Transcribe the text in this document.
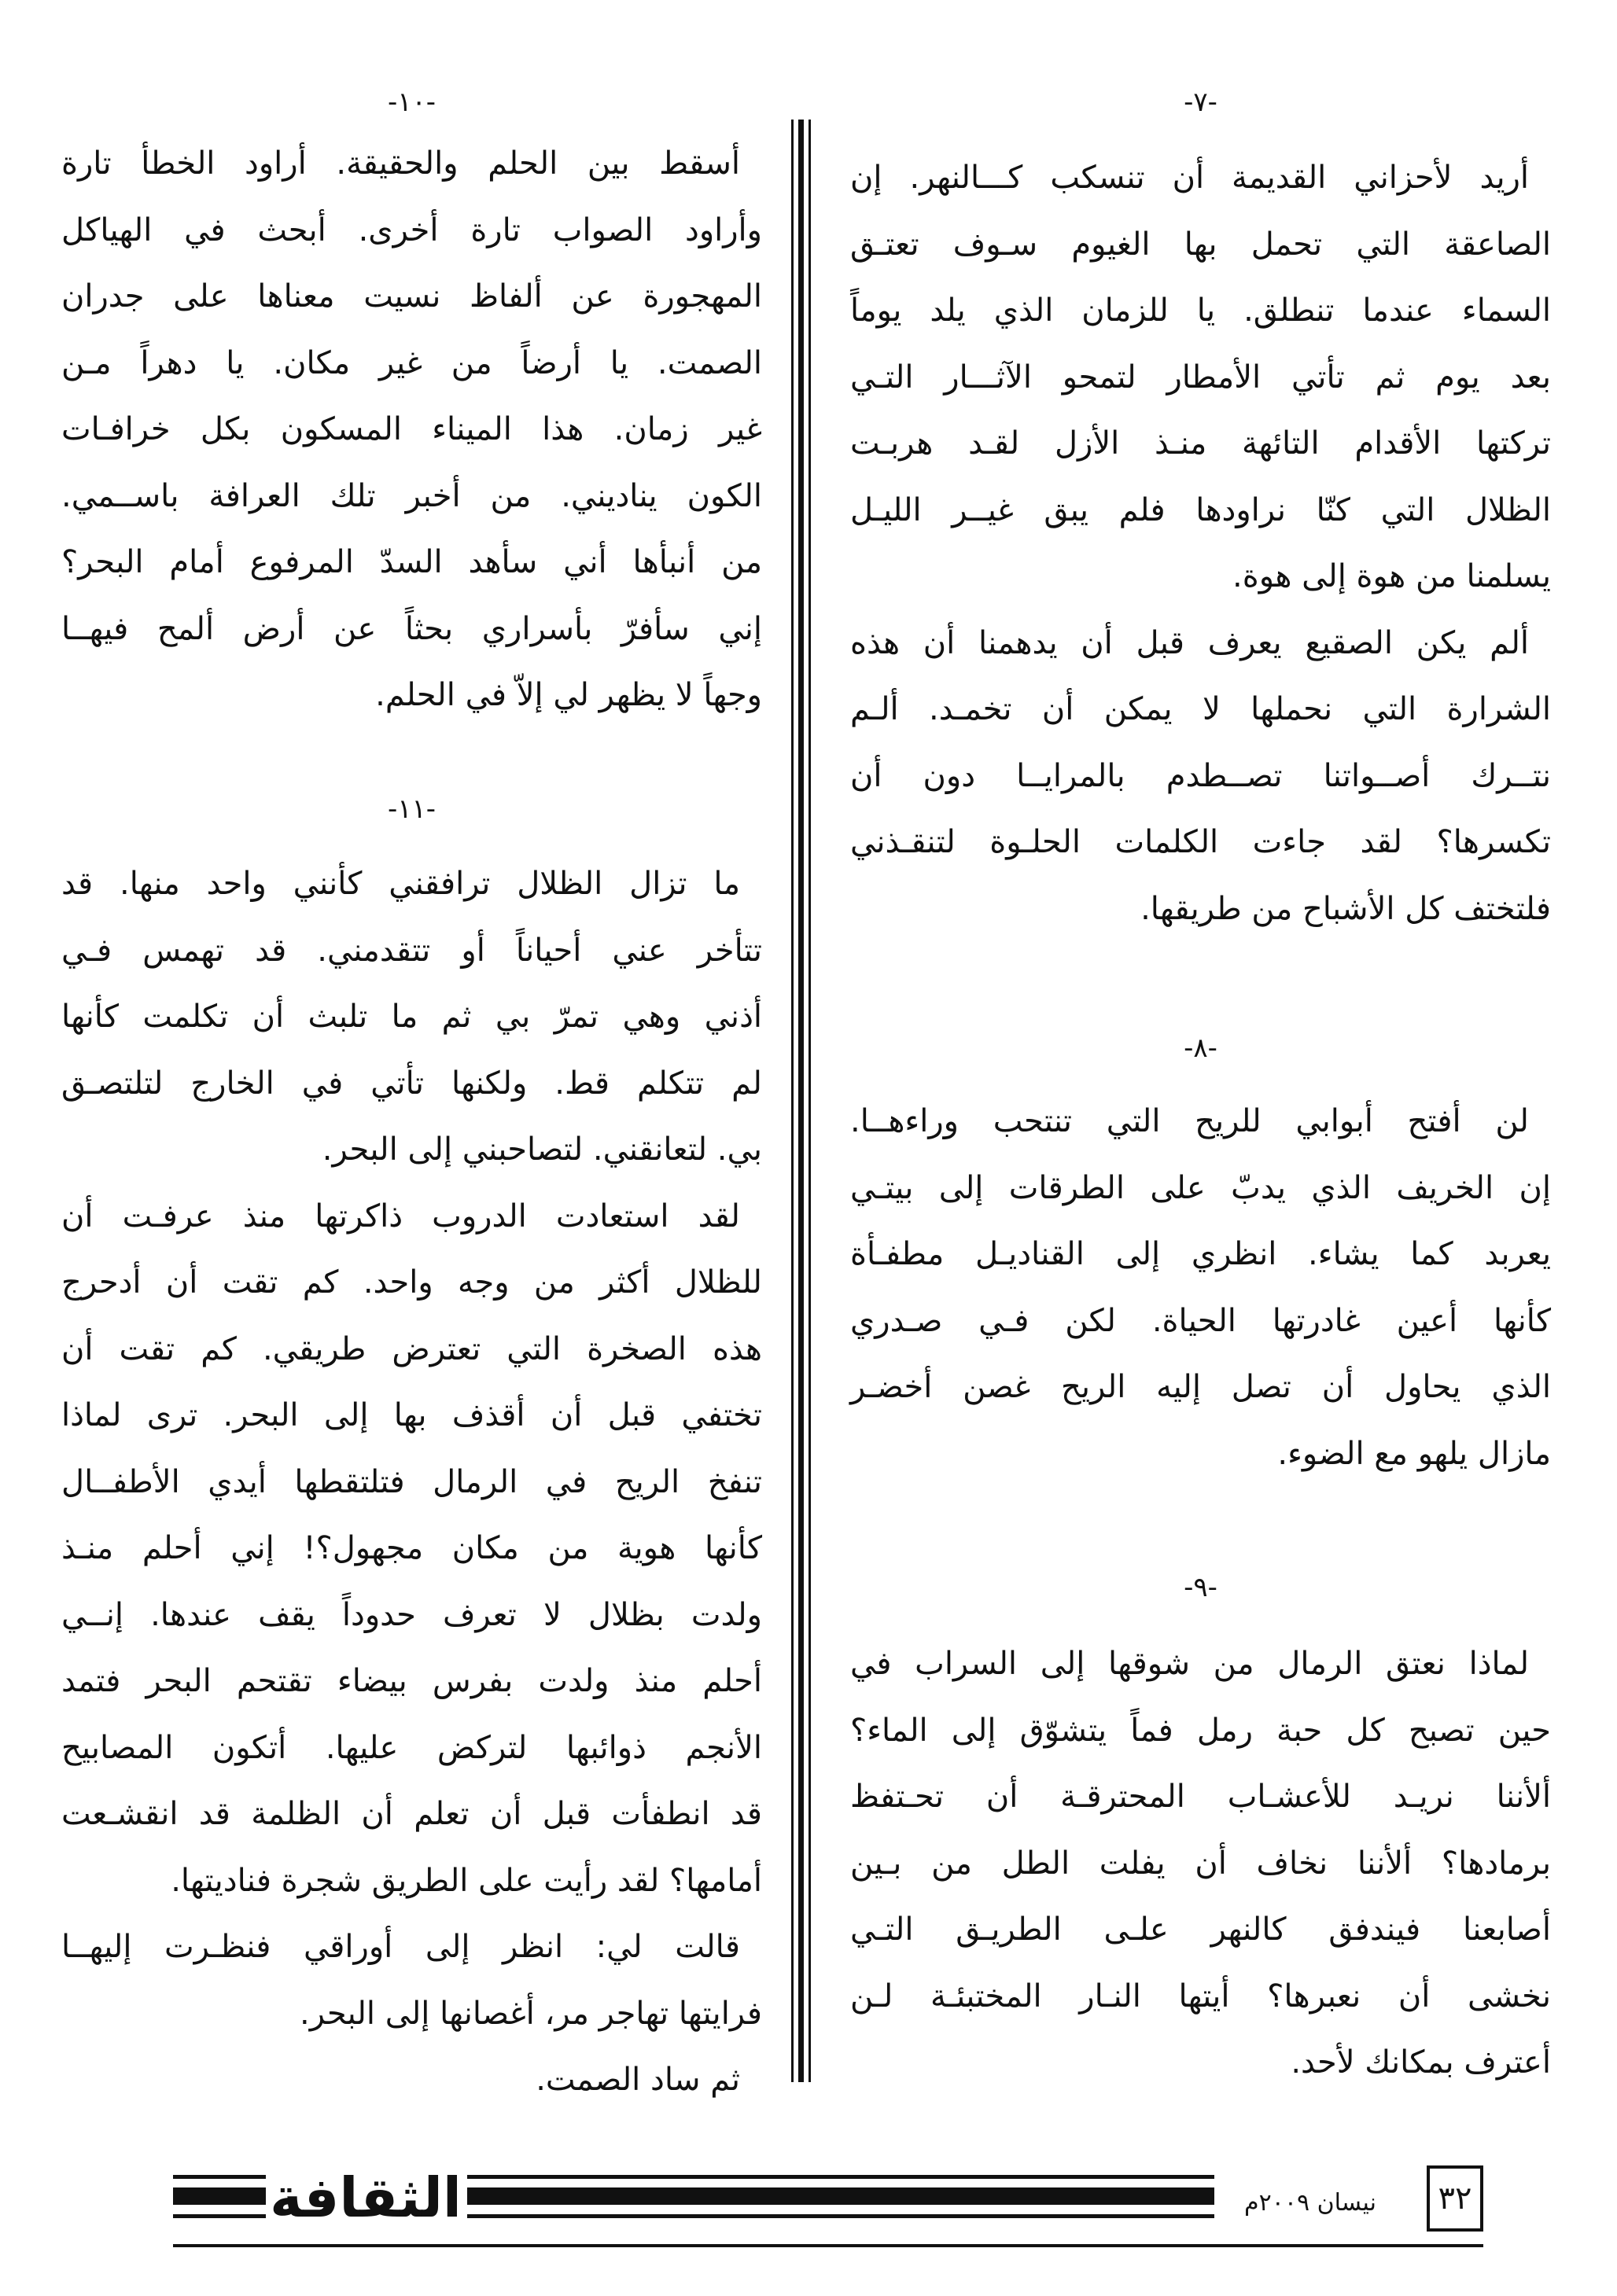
-٧-
أريد لأحزاني القديمة أن تنسكب كـــالنهر. إن
الصاعقة التي تحمل بها الغيوم سـوف تعتـق
السماء عندما تنطلق. يا للزمان الذي يلد يوماً
بعد يوم ثم تأتي الأمطار لتمحو الآثـــار التـي
تركتها الأقدام التائهة منـذ الأزل لقـد هربـت
الظلال التي كنّا نراودها فلم يبق غيــر الليـل
يسلمنا من هوة إلى هوة.
ألم يكن الصقيع يعرف قبل أن يدهمنا أن هذه
الشرارة التي نحملها لا يمكن أن تخمـد. ألـم
نتــرك أصــواتنا تصــطدم بالمرايــا دون أن
تكسرها؟ لقد جاءت الكلمات الحلـوة لتنقـذني
فلتختف كل الأشباح من طريقها.
-٨-
لن أفتح أبوابي للريح التي تنتحب وراءهــا.
إن الخريف الذي يدبّ على الطرقات إلى بيتـي
يعربد كما يشاء. انظري إلى القناديـل مطفـأة
كأنها أعين غادرتها الحياة. لكن فـي صـدري
الذي يحاول أن تصل إليه الريح غصن أخضـر
مازال يلهو مع الضوء.
-٩-
لماذا نعتق الرمال من شوقها إلى السراب في
حين تصبح كل حبة رمل فماً يتشوّق إلى الماء؟
ألأننا نريـد للأعشـاب المحترقـة أن تحـتفظ
برمادها؟ ألأننا نخاف أن يفلت الطل من بـين
أصابعنا فيندفق كالنهر علـى الطريـق التـي
نخشى أن نعبرها؟ أيتها النـار المختبئـة لـن
أعترف بمكانك لأحد.
-١٠-
أسقط بين الحلم والحقيقة. أراود الخطأ تارة
وأراود الصواب تارة أخرى. أبحث في الهياكل
المهجورة عن ألفاظ نسيت معناها على جدران
الصمت. يا أرضاً من غير مكان. يا دهراً مـن
غير زمان. هذا الميناء المسكون بكل خرافـات
الكون يناديني. من أخبر تلك العرافة باســمي.
من أنبأها أني سأهد السدّ المرفوع أمام البحر؟
إني سأفرّ بأسراري بحثاً عن أرض ألمح فيهــا
وجهاً لا يظهر لي إلاّ في الحلم.
-١١-
ما تزال الظلال ترافقني كأنني واحد منها. قد
تتأخر عني أحياناً أو تتقدمني. قد تهمس فـي
أذني وهي تمرّ بي ثم ما تلبث أن تكلمت كأنها
لم تتكلم قط. ولكنها تأتي في الخارج لتلتصـق
بي. لتعانقني. لتصاحبني إلى البحر.
لقد استعادت الدروب ذاكرتها منذ عرفـت أن
للظلال أكثر من وجه واحد. كم تقت أن أدحرج
هذه الصخرة التي تعترض طريقي. كم تقت أن
تختفي قبل أن أقذف بها إلى البحر. ترى لماذا
تنفخ الريح في الرمال فتلتقطها أيدي الأطفــال
كأنها هوية من مكان مجهول؟! إني أحلم منـذ
ولدت بظلال لا تعرف حدوداً يقف عندها. إنــي
أحلم منذ ولدت بفرس بيضاء تقتحم البحر فتمد
الأنجم ذوائبها لتركض عليها. أتكون المصابيح
قد انطفأت قبل أن تعلم أن الظلمة قد انقشـعت
أمامها؟ لقد رأيت على الطريق شجرة فناديتها.
قالت لي: انظر إلى أوراقي فنظـرت إليهــا
فرايتها تهاجر مر، أغصانها إلى البحر.
ثم ساد الصمت.
الثقافة	نيسان ٢٠٠٩م	٣٢
